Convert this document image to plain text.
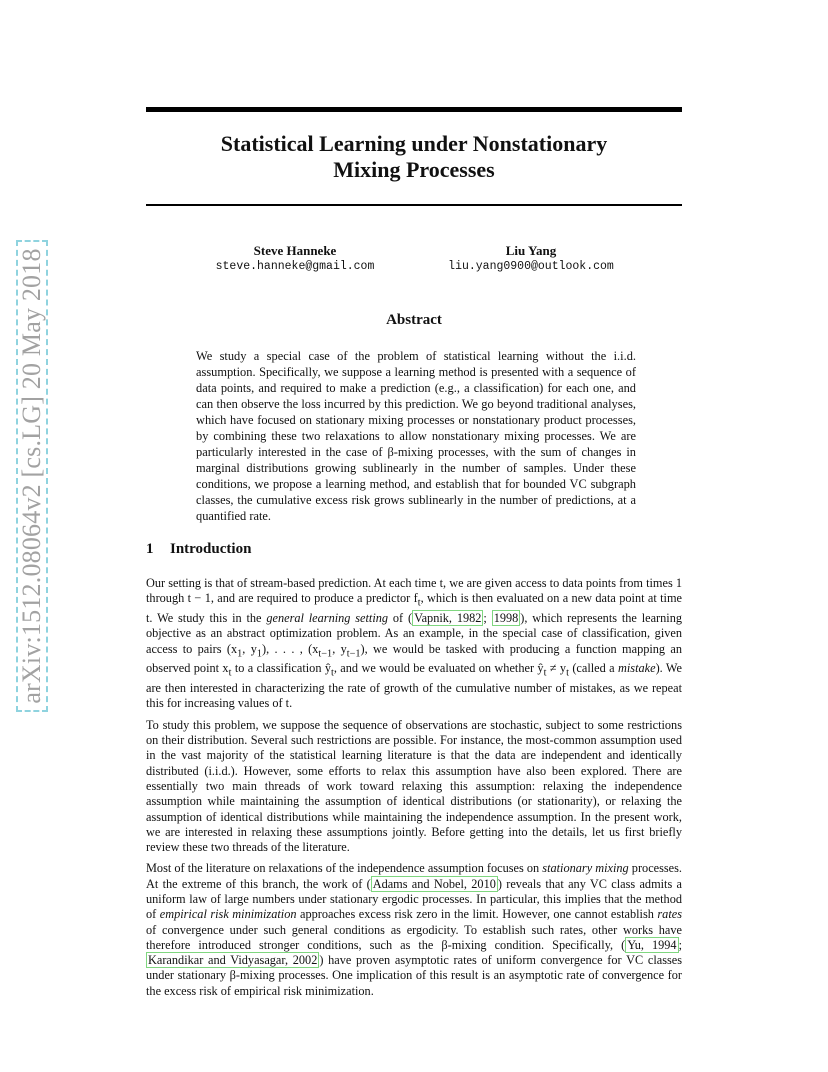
arXiv:1512.08064v2 [cs.LG] 20 May 2018
Statistical Learning under Nonstationary
Mixing Processes
Steve Hanneke
steve.hanneke@gmail.com
Liu Yang
liu.yang0900@outlook.com
Abstract
We study a special case of the problem of statistical learning without the i.i.d. assumption. Specifically, we suppose a learning method is presented with a sequence of data points, and required to make a prediction (e.g., a classification) for each one, and can then observe the loss incurred by this prediction. We go beyond traditional analyses, which have focused on stationary mixing processes or nonstationary product processes, by combining these two relaxations to allow nonstationary mixing processes. We are particularly interested in the case of β-mixing processes, with the sum of changes in marginal distributions growing sublinearly in the number of samples. Under these conditions, we propose a learning method, and establish that for bounded VC subgraph classes, the cumulative excess risk grows sublinearly in the number of predictions, at a quantified rate.
1 Introduction

Our setting is that of stream-based prediction. At each time t, we are given access to data points from times 1 through t − 1, and are required to produce a predictor $f_t$, which is then evaluated on a new data point at time t. We study this in the general learning setting of ( Vapnik, 1982 ; 1998 ), which represents the learning objective as an abstract optimization problem. As an example, in the special case of classification, given access to pairs ($x_1$, $y_1$), . . . , ($x_{t-1}$, $y_{t-1}$), we would be tasked with producing a function mapping an observed point $x_t$ to a classification $ŷ_t$, and we would be evaluated on whether $ŷ_t \ne y_t$ (called a mistake). We are then interested in characterizing the rate of growth of the cumulative number of mistakes, as we repeat this for increasing values of t.

To study this problem, we suppose the sequence of observations are stochastic, subject to some restrictions on their distribution. Several such restrictions are possible. For instance, the most-common assumption used in the vast majority of the statistical learning literature is that the data are independent and identically distributed (i.i.d.). However, some efforts to relax this assumption have also been explored. There are essentially two main threads of work toward relaxing this assumption: relaxing the independence assumption while maintaining the assumption of identical distributions (or stationarity), or relaxing the assumption of identical distributions while maintaining the independence assumption. In the present work, we are interested in relaxing these assumptions jointly. Before getting into the details, let us first briefly review these two threads of the literature.

Most of the literature on relaxations of the independence assumption focuses on stationary mixing processes. At the extreme of this branch, the work of ( Adams and Nobel, 2010 ) reveals that any VC class admits a uniform law of large numbers under stationary ergodic processes. In particular, this implies that the method of empirical risk minimization approaches excess risk zero in the limit. However, one cannot establish rates of convergence under such general conditions as ergodicity. To establish such rates, other works have therefore introduced stronger conditions, such as the β-mixing condition. Specifically, ( Yu, 1994 ; Karandikar and Vidyasagar, 2002 ) have proven asymptotic rates of uniform convergence for VC classes under stationary β-mixing processes. One implication of this result is an asymptotic rate of convergence for the excess risk of empirical risk minimization.
